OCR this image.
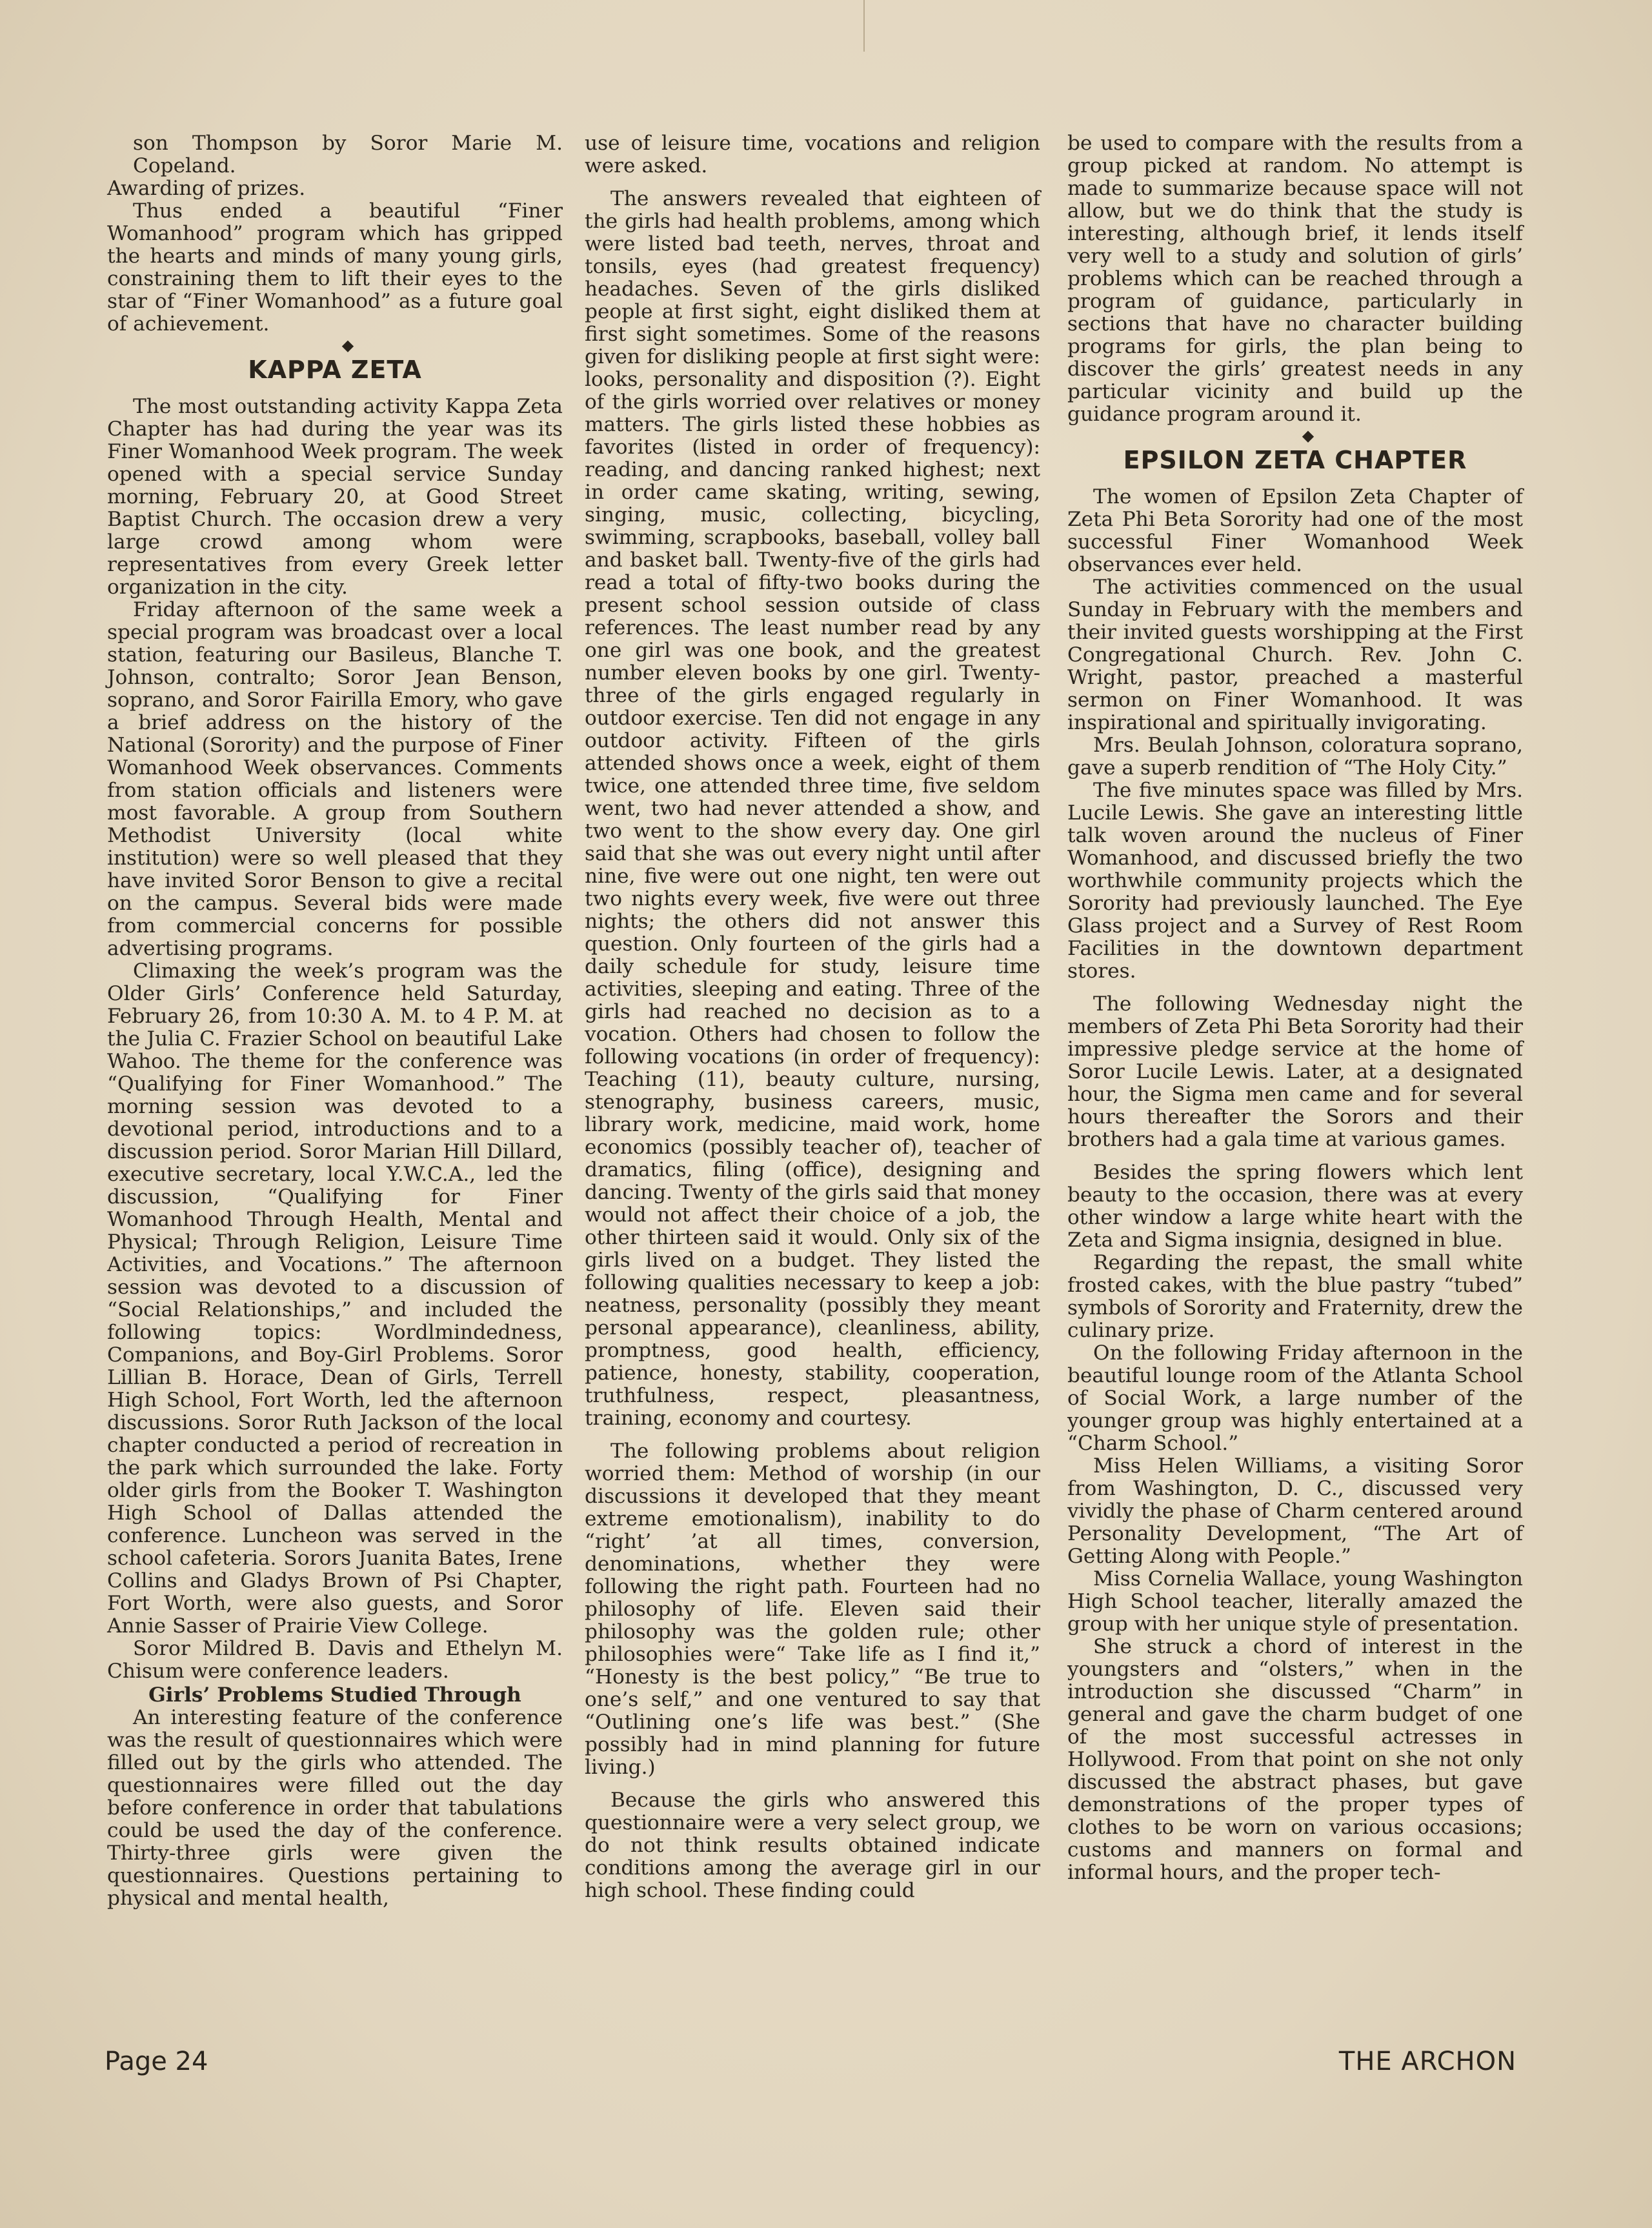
son Thompson by Soror Marie M. Copeland.

Awarding of prizes.

Thus ended a beautiful “Finer Womanhood” program which has gripped the hearts and minds of many young girls, constraining them to lift their eyes to the star of “Finer Womanhood” as a future goal of achievement.

◆

KAPPA ZETA

The most outstanding activity Kappa Zeta Chapter has had during the year was its Finer Womanhood Week program. The week opened with a special service Sunday morning, February 20, at Good Street Baptist Church. The occasion drew a very large crowd among whom were representatives from every Greek letter organization in the city.

Friday afternoon of the same week a special program was broadcast over a local station, featuring our Basileus, Blanche T. Johnson, contralto; Soror Jean Benson, soprano, and Soror Fairilla Emory, who gave a brief address on the history of the National (Sorority) and the purpose of Finer Womanhood Week observances. Comments from station officials and listeners were most favorable. A group from Southern Methodist University (local white institution) were so well pleased that they have invited Soror Benson to give a recital on the campus. Several bids were made from commercial concerns for possible advertising programs.

Climaxing the week’s program was the Older Girls’ Conference held Saturday, February 26, from 10:30 A. M. to 4 P. M. at the Julia C. Frazier School on beautiful Lake Wahoo. The theme for the conference was “Qualifying for Finer Womanhood.” The morning session was devoted to a devotional period, introductions and to a discussion period. Soror Marian Hill Dillard, executive secretary, local Y.W.C.A., led the discussion, “Qualifying for Finer Womanhood Through Health, Mental and Physical; Through Religion, Leisure Time Activities, and Vocations.” The afternoon session was devoted to a discussion of “Social Relationships,” and included the following topics: Wordlmindedness, Companions, and Boy-Girl Problems. Soror Lillian B. Horace, Dean of Girls, Terrell High School, Fort Worth, led the afternoon discussions. Soror Ruth Jackson of the local chapter conducted a period of recreation in the park which surrounded the lake. Forty older girls from the Booker T. Washington High School of Dallas attended the conference. Luncheon was served in the school cafeteria. Sorors Juanita Bates, Irene Collins and Gladys Brown of Psi Chapter, Fort Worth, were also guests, and Soror Annie Sasser of Prairie View College.

Soror Mildred B. Davis and Ethelyn M. Chisum were conference leaders.

Girls’ Problems Studied Through

An interesting feature of the conference was the result of questionnaires which were filled out by the girls who attended. The questionnaires were filled out the day before conference in order that tabulations could be used the day of the conference. Thirty-three girls were given the questionnaires. Questions pertaining to physical and mental health,

use of leisure time, vocations and religion were asked.

The answers revealed that eighteen of the girls had health problems, among which were listed bad teeth, nerves, throat and tonsils, eyes (had greatest frequency) headaches. Seven of the girls disliked people at first sight, eight disliked them at first sight sometimes. Some of the reasons given for disliking people at first sight were: looks, personality and disposition (?). Eight of the girls worried over relatives or money matters. The girls listed these hobbies as favorites (listed in order of frequency): reading, and dancing ranked highest; next in order came skating, writing, sewing, singing, music, collecting, bicycling, swimming, scrapbooks, baseball, volley ball and basket ball. Twenty-five of the girls had read a total of fifty-two books during the present school session outside of class references. The least number read by any one girl was one book, and the greatest number eleven books by one girl. Twenty-three of the girls engaged regularly in outdoor exercise. Ten did not engage in any outdoor activity. Fifteen of the girls attended shows once a week, eight of them twice, one attended three time, five seldom went, two had never attended a show, and two went to the show every day. One girl said that she was out every night until after nine, five were out one night, ten were out two nights every week, five were out three nights; the others did not answer this question. Only fourteen of the girls had a daily schedule for study, leisure time activities, sleeping and eating. Three of the girls had reached no decision as to a vocation. Others had chosen to follow the following vocations (in order of frequency): Teaching (11), beauty culture, nursing, stenography, business careers, music, library work, medicine, maid work, home economics (possibly teacher of), teacher of dramatics, filing (office), designing and dancing. Twenty of the girls said that money would not affect their choice of a job, the other thirteen said it would. Only six of the girls lived on a budget. They listed the following qualities necessary to keep a job: neatness, personality (possibly they meant personal appearance), cleanliness, ability, promptness, good health, efficiency, patience, honesty, stability, cooperation, truthfulness, respect, pleasantness, training, economy and courtesy.

The following problems about religion worried them: Method of worship (in our discussions it developed that they meant extreme emotionalism), inability to do “right’ ’at all times, conversion, denominations, whether they were following the right path. Fourteen had no philosophy of life. Eleven said their philosophy was the golden rule; other philosophies were“ Take life as I find it,” “Honesty is the best policy,” “Be true to one’s self,” and one ventured to say that “Outlining one’s life was best.” (She possibly had in mind planning for future living.)

Because the girls who answered this questionnaire were a very select group, we do not think results obtained indicate conditions among the average girl in our high school. These finding could

be used to compare with the results from a group picked at random. No attempt is made to summarize because space will not allow, but we do think that the study is interesting, although brief, it lends itself very well to a study and solution of girls’ problems which can be reached through a program of guidance, particularly in sections that have no character building programs for girls, the plan being to discover the girls’ greatest needs in any particular vicinity and build up the guidance program around it.

◆

EPSILON ZETA CHAPTER

The women of Epsilon Zeta Chapter of Zeta Phi Beta Sorority had one of the most successful Finer Womanhood Week observances ever held.

The activities commenced on the usual Sunday in February with the members and their invited guests worshipping at the First Congregational Church. Rev. John C. Wright, pastor, preached a masterful sermon on Finer Womanhood. It was inspirational and spiritually invigorating.

Mrs. Beulah Johnson, coloratura soprano, gave a superb rendition of “The Holy City.”

The five minutes space was filled by Mrs. Lucile Lewis. She gave an interesting little talk woven around the nucleus of Finer Womanhood, and discussed briefly the two worthwhile community projects which the Sorority had previously launched. The Eye Glass project and a Survey of Rest Room Facilities in the downtown department stores.

The following Wednesday night the members of Zeta Phi Beta Sorority had their impressive pledge service at the home of Soror Lucile Lewis. Later, at a designated hour, the Sigma men came and for several hours thereafter the Sorors and their brothers had a gala time at various games.

Besides the spring flowers which lent beauty to the occasion, there was at every other window a large white heart with the Zeta and Sigma insignia, designed in blue.

Regarding the repast, the small white frosted cakes, with the blue pastry “tubed” symbols of Sorority and Fraternity, drew the culinary prize.

On the following Friday afternoon in the beautiful lounge room of the Atlanta School of Social Work, a large number of the younger group was highly entertained at a “Charm School.”

Miss Helen Williams, a visiting Soror from Washington, D. C., discussed very vividly the phase of Charm centered around Personality Development, “The Art of Getting Along with People.”

Miss Cornelia Wallace, young Washington High School teacher, literally amazed the group with her unique style of presentation.

She struck a chord of interest in the youngsters and “olsters,” when in the introduction she discussed “Charm” in general and gave the charm budget of one of the most successful actresses in Hollywood. From that point on she not only discussed the abstract phases, but gave demonstrations of the proper types of clothes to be worn on various occasions; customs and manners on formal and informal hours, and the proper tech-

Page 24	THE ARCHON
